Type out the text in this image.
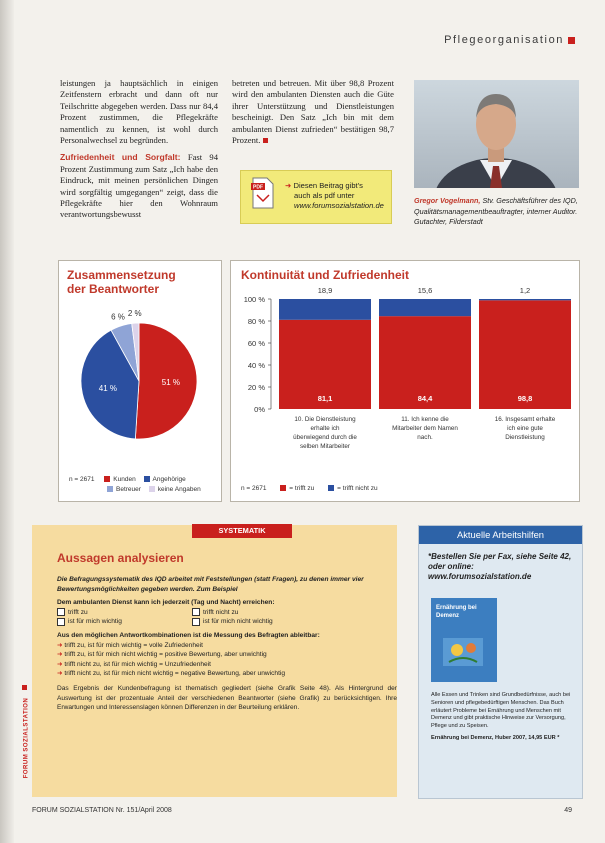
Pflegeorganisation

leistungen ja hauptsächlich in einigen Zeitfenstern erbracht und dann oft nur Teilschritte abgegeben werden. Dass nur 84,4 Prozent zustimmen, die Pflegekräfte namentlich zu kennen, ist wohl durch Personalwechsel zu begründen.

Zufriedenheit und Sorgfalt: Fast 94 Prozent Zustimmung zum Satz „Ich habe den Eindruck, mit meinen persönlichen Dingen wird sorgfältig umgegangen“ zeigt, dass die Pflegekräfte hier den Wohnraum verantwortungsbewusst

betreten und betreuen. Mit über 98,8 Prozent wird den ambulanten Diensten auch die Güte ihrer Unterstützung und Dienstleistungen bescheinigt. Den Satz „Ich bin mit dem ambulanten Dienst zufrieden“ bestätigen 98,7 Prozent.

PDF	➜ Diesen Beitrag gibt's
auch als pdf unter
www.forumsozialstation.de
Gregor Vogelmann, Stv. Geschäftsführer des IQD, Qualitätsmanagementbeauftragter, interner Auditor. Gutachter, Filderstadt
Zusammensetzung
der Beantworter
51 %
41 %
6 % 2 %
n = 2671	Kunden	Angehörige
Betreuer	keine Angaben
Kontinuität und Zufriedenheit
0%
20 %
40 %
60 %
80 %
100 %
81,1
18,9
10. Die Dienstleistung erhalte ich überwiegend durch die selben Mitarbeiter
84,4
15,6
11. Ich kenne die Mitarbeiter dem Namen nach.
98,8
1,2
16. Insgesamt erhalte ich eine gute Dienstleistung
n = 2671	= trifft zu	= trifft nicht zu
SYSTEMATIK
Aussagen analysieren
Die Befragungssystematik des IQD arbeitet mit Feststellungen (statt Fragen), zu denen immer vier Bewertungsmöglichkeiten gegeben werden. Zum Beispiel
Dem ambulanten Dienst kann ich jederzeit (Tag und Nacht) erreichen:
trifft zu	trifft nicht zu
ist für mich wichtig	ist für mich nicht wichtig
Aus den möglichen Antwortkombinationen ist die Messung des Befragten ableitbar:
➜ trifft zu, ist für mich wichtig = volle Zufriedenheit
➜ trifft zu, ist für mich nicht wichtig = positive Bewertung, aber unwichtig
➜ trifft nicht zu, ist für mich wichtig = Unzufriedenheit
➜ trifft nicht zu, ist für mich nicht wichtig = negative Bewertung, aber unwichtig
Das Ergebnis der Kundenbefragung ist thematisch gegliedert (siehe Grafik Seite 48). Als Hintergrund der Auswertung ist der prozentuale Anteil der verschiedenen Beantworter (siehe Grafik) zu berücksichtigen. Ihre Erwartungen und Interessenslagen können Differenzen in der Beurteilung erklären.
FORUM SOZIALSTATION
Aktuelle Arbeitshilfen
*Bestellen Sie per Fax, siehe Seite 42, oder online: www.forumsozialstation.de
Ernährung bei Demenz
Alle Essen und Trinken sind Grundbedürfnisse, auch bei Senioren und pflegebedürftigen Menschen. Das Buch erläutert Probleme bei Ernährung und Menschen mit Demenz und gibt praktische Hinweise zur Versorgung, Pflege und zu Speisen.
Ernährung bei Demenz, Huber 2007, 14,95 EUR *
FORUM SOZIALSTATION Nr. 151/April 2008	49
